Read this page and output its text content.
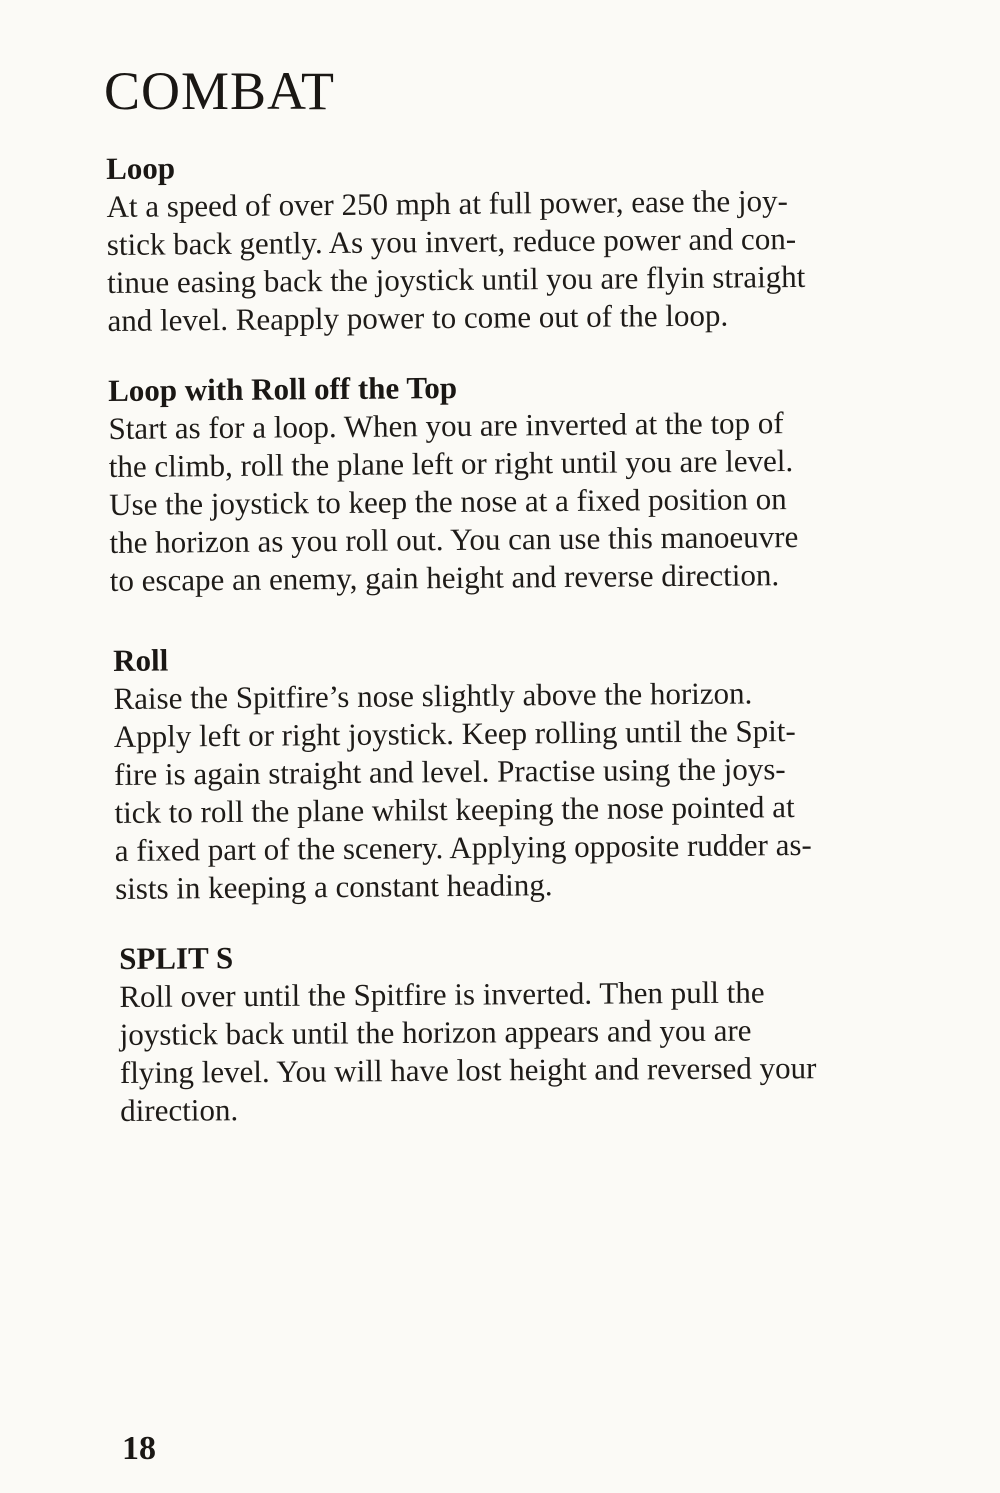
COMBAT
Loop

At a speed of over 250 mph at full power, ease the joy-
stick back gently. As you invert, reduce power and con-
tinue easing back the joystick until you are flyin straight
and level. Reapply power to come out of the loop.

Loop with Roll off the Top

Start as for a loop. When you are inverted at the top of
the climb, roll the plane left or right until you are level.
Use the joystick to keep the nose at a fixed position on
the horizon as you roll out. You can use this manoeuvre
to escape an enemy, gain height and reverse direction.

Roll

Raise the Spitfire’s nose slightly above the horizon.
Apply left or right joystick. Keep rolling until the Spit-
fire is again straight and level. Practise using the joys-
tick to roll the plane whilst keeping the nose pointed at
a fixed part of the scenery. Applying opposite rudder as-
sists in keeping a constant heading.

SPLIT S

Roll over until the Spitfire is inverted. Then pull the
joystick back until the horizon appears and you are
flying level. You will have lost height and reversed your
direction.

18
